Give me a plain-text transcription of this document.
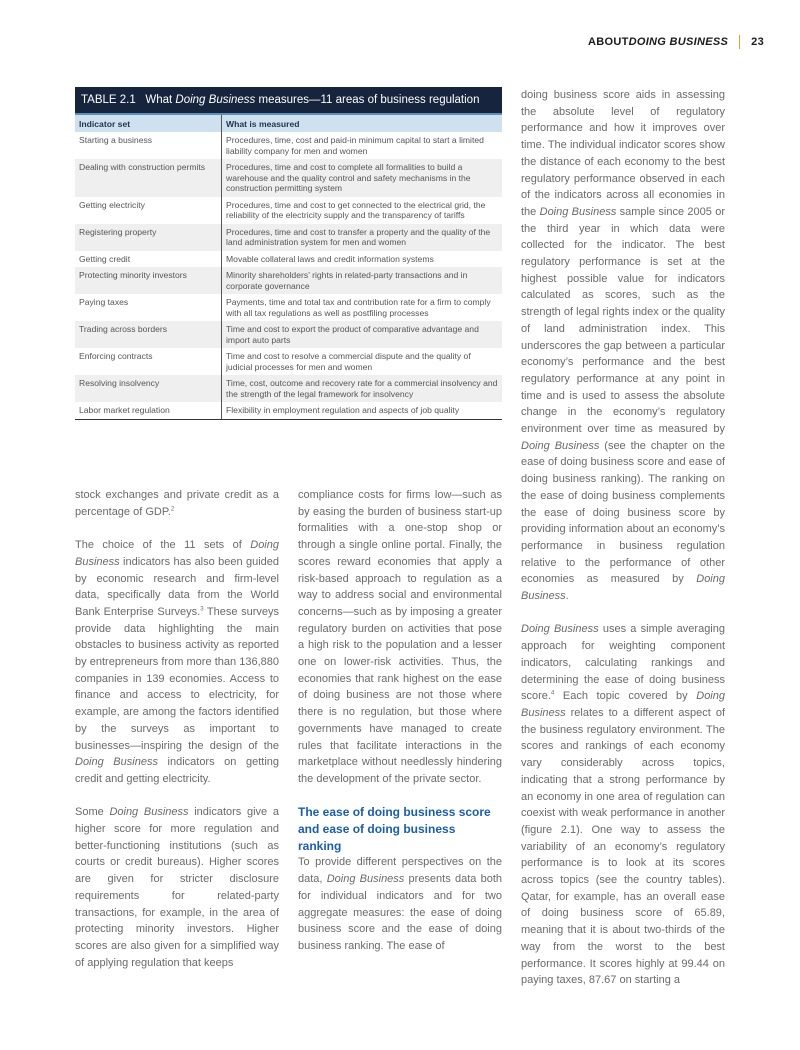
ABOUT DOING BUSINESS 23
TABLE 2.1 What Doing Business measures—11 areas of business regulation
Indicator set	What is measured
Starting a business	Procedures, time, cost and paid-in minimum capital to start a limited liability company for men and women
Dealing with construction permits	Procedures, time and cost to complete all formalities to build a warehouse and the quality control and safety mechanisms in the construction permitting system
Getting electricity	Procedures, time and cost to get connected to the electrical grid, the reliability of the electricity supply and the transparency of tariffs
Registering property	Procedures, time and cost to transfer a property and the quality of the land administration system for men and women
Getting credit	Movable collateral laws and credit information systems
Protecting minority investors	Minority shareholders’ rights in related-party transactions and in corporate governance
Paying taxes	Payments, time and total tax and contribution rate for a firm to comply with all tax regulations as well as postfiling processes
Trading across borders	Time and cost to export the product of comparative advantage and import auto parts
Enforcing contracts	Time and cost to resolve a commercial dispute and the quality of judicial processes for men and women
Resolving insolvency	Time, cost, outcome and recovery rate for a commercial insolvency and the strength of the legal framework for insolvency
Labor market regulation	Flexibility in employment regulation and aspects of job quality

stock exchanges and private credit as a percentage of GDP.$^2$

The choice of the 11 sets of Doing Business indicators has also been guided by economic research and firm-level data, specifically data from the World Bank Enterprise Surveys.$^3$ These surveys provide data highlighting the main obstacles to business activity as reported by entrepreneurs from more than 136,880 companies in 139 economies. Access to finance and access to electricity, for example, are among the factors identified by the surveys as important to businesses—inspiring the design of the Doing Business indicators on getting credit and getting electricity.

Some Doing Business indicators give a higher score for more regulation and better-functioning institutions (such as courts or credit bureaus). Higher scores are given for stricter disclosure requirements for related-party transactions, for example, in the area of protecting minority investors. Higher scores are also given for a simplified way of applying regulation that keeps

compliance costs for firms low—such as by easing the burden of business start-up formalities with a one-stop shop or through a single online portal. Finally, the scores reward economies that apply a risk-based approach to regulation as a way to address social and environmental concerns—such as by imposing a greater regulatory burden on activities that pose a high risk to the population and a lesser one on lower-risk activities. Thus, the economies that rank highest on the ease of doing business are not those where there is no regulation, but those where governments have managed to create rules that facilitate interactions in the marketplace without needlessly hindering the development of the private sector.

The ease of doing business score and ease of doing business ranking

To provide different perspectives on the data, Doing Business presents data both for individual indicators and for two aggregate measures: the ease of doing business score and the ease of doing business ranking. The ease of

doing business score aids in assessing the absolute level of regulatory performance and how it improves over time. The individual indicator scores show the distance of each economy to the best regulatory performance observed in each of the indicators across all economies in the Doing Business sample since 2005 or the third year in which data were collected for the indicator. The best regulatory performance is set at the highest possible value for indicators calculated as scores, such as the strength of legal rights index or the quality of land administration index. This underscores the gap between a particular economy’s performance and the best regulatory performance at any point in time and is used to assess the absolute change in the economy’s regulatory environment over time as measured by Doing Business (see the chapter on the ease of doing business score and ease of doing business ranking). The ranking on the ease of doing business complements the ease of doing business score by providing information about an economy’s performance in business regulation relative to the performance of other economies as measured by Doing Business.

Doing Business uses a simple averaging approach for weighting component indicators, calculating rankings and determining the ease of doing business score.$^4$ Each topic covered by Doing Business relates to a different aspect of the business regulatory environment. The scores and rankings of each economy vary considerably across topics, indicating that a strong performance by an economy in one area of regulation can coexist with weak performance in another (figure 2.1). One way to assess the variability of an economy’s regulatory performance is to look at its scores across topics (see the country tables). Qatar, for example, has an overall ease of doing business score of 65.89, meaning that it is about two-thirds of the way from the worst to the best performance. It scores highly at 99.44 on paying taxes, 87.67 on starting a
